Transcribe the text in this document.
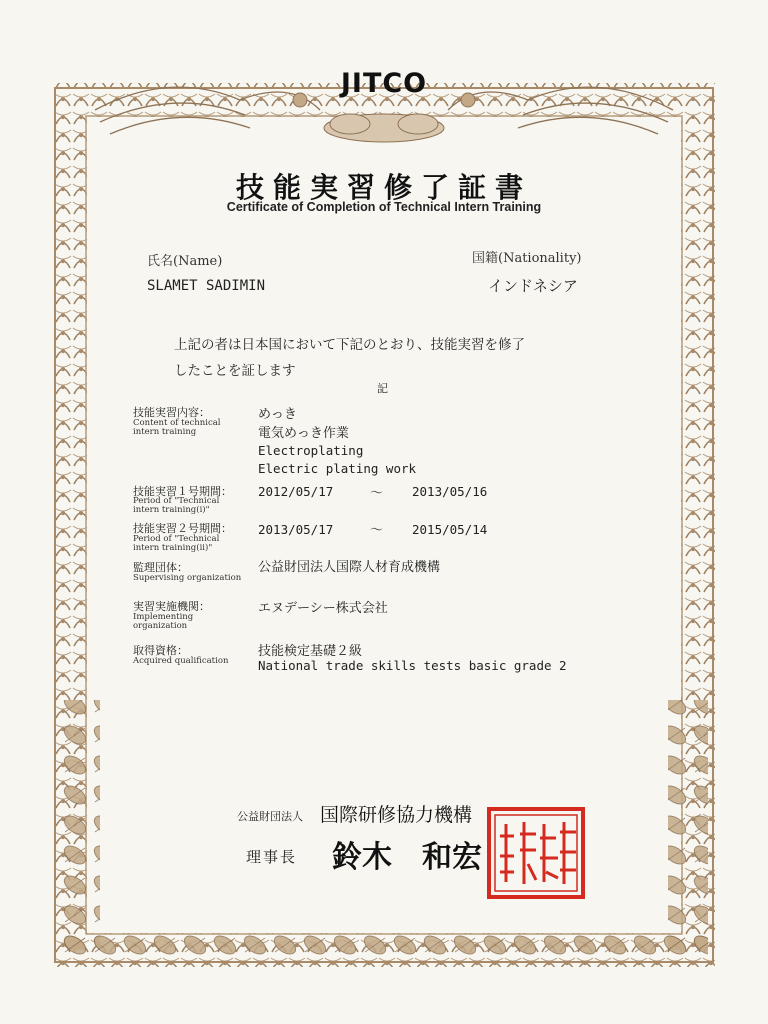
JITCO
技能実習修了証書
Certificate of Completion of Technical Intern Training
氏名(Name)
SLAMET SADIMIN
国籍(Nationality)
インドネシア
上記の者は日本国において下記のとおり、技能実習を修了
したことを証します
記
技能実習内容：
Content of technical intern training
めっき
電気めっき作業
Electroplating
Electric plating work
技能実習１号期間：
Period of "Technical intern training(i)"
2012/05/17	～ 2013/05/16
技能実習２号期間：
Period of "Technical intern training(ii)"
2013/05/17	～ 2015/05/14
監理団体：
Supervising organization
公益財団法人国際人材育成機構
実習実施機関：
Implementing organization
エヌデーシー株式会社
取得資格：
Acquired qualification
技能検定基礎２級
National trade skills tests basic grade 2
公益財団法人 国際研修協力機構
理事長 鈴木　和宏
